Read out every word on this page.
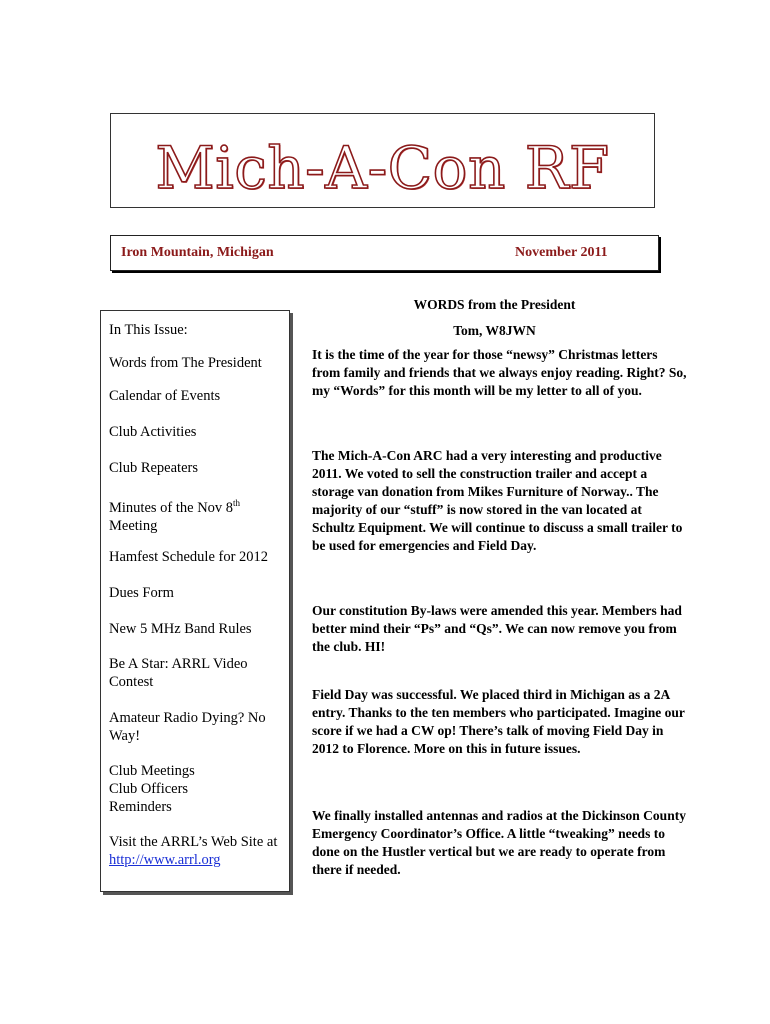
Mich-A-Con RF
Iron Mountain, Michigan	November 2011
In This Issue:
Words from The President
Calendar of Events
Club Activities
Club Repeaters
Minutes of the Nov 8th
Meeting
Hamfest Schedule for 2012
Dues Form
New 5 MHz Band Rules
Be A Star: ARRL Video Contest
Amateur Radio Dying? No Way!
Club Meetings
Club Officers
Reminders
Visit the ARRL’s Web Site at http://www.arrl.org
WORDS from the President
Tom, W8JWN

It is the time of the year for those “newsy” Christmas letters from family and friends that we always enjoy reading. Right? So, my “Words” for this month will be my letter to all of you.

The Mich-A-Con ARC had a very interesting and productive 2011. We voted to sell the construction trailer and accept a storage van donation from Mikes Furniture of Norway.. The majority of our “stuff” is now stored in the van located at Schultz Equipment. We will continue to discuss a small trailer to be used for emergencies and Field Day.

Our constitution By-laws were amended this year. Members had better mind their “Ps” and “Qs”. We can now remove you from the club. HI!

Field Day was successful. We placed third in Michigan as a 2A entry. Thanks to the ten members who participated. Imagine our score if we had a CW op! There’s talk of moving Field Day in 2012 to Florence. More on this in future issues.

We finally installed antennas and radios at the Dickinson County Emergency Coordinator’s Office. A little “tweaking” needs to done on the Hustler vertical but we are ready to operate from there if needed.
